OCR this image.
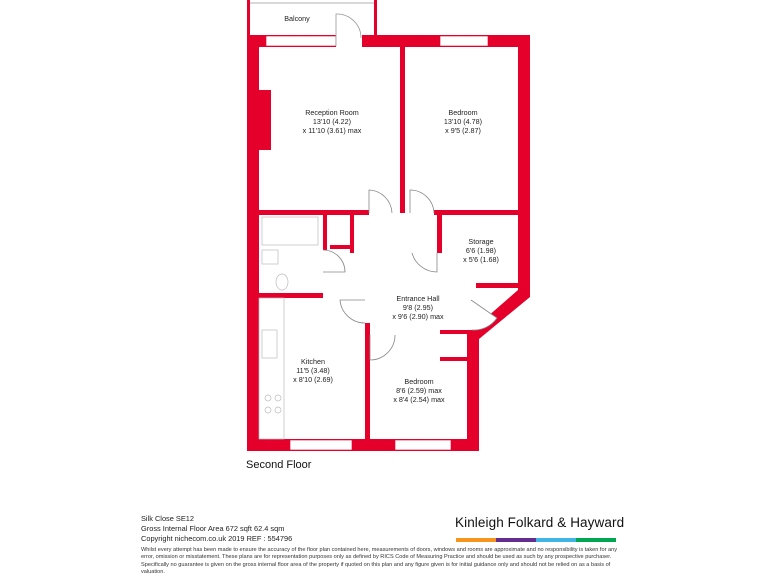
Balcony
Reception Room
13'10 (4.22)
x 11'10 (3.61) max
Bedroom
13'10 (4.78)
x 9'5 (2.87)
Storage
6'6 (1.98)
x 5'6 (1.68)
Entrance Hall
9'8 (2.95)
x 9'6 (2.90) max
Kitchen
11'5 (3.48)
x 8'10 (2.69)	Bedroom
8'6 (2.59) max
x 8'4 (2.54) max
Second Floor
Silk Close SE12
Gross Internal Floor Area 672 sqft 62.4 sqm
Copyright nichecom.co.uk 2019 REF : 554796
Kinleigh Folkard & Hayward
Whilst every attempt has been made to ensure the accuracy of the floor plan contained here, measurements of doors, windows and rooms are approximate and no responsibility is taken for any error, omission or misstatement. These plans are for representation purposes only as defined by RICS Code of Measuring Practice and should be used as such by any prospective purchaser. Specifically no guarantee is given on the gross internal floor area of the property if quoted on this plan and any figure given is for initial guidance only and should not be relied on as a basis of valuation.
